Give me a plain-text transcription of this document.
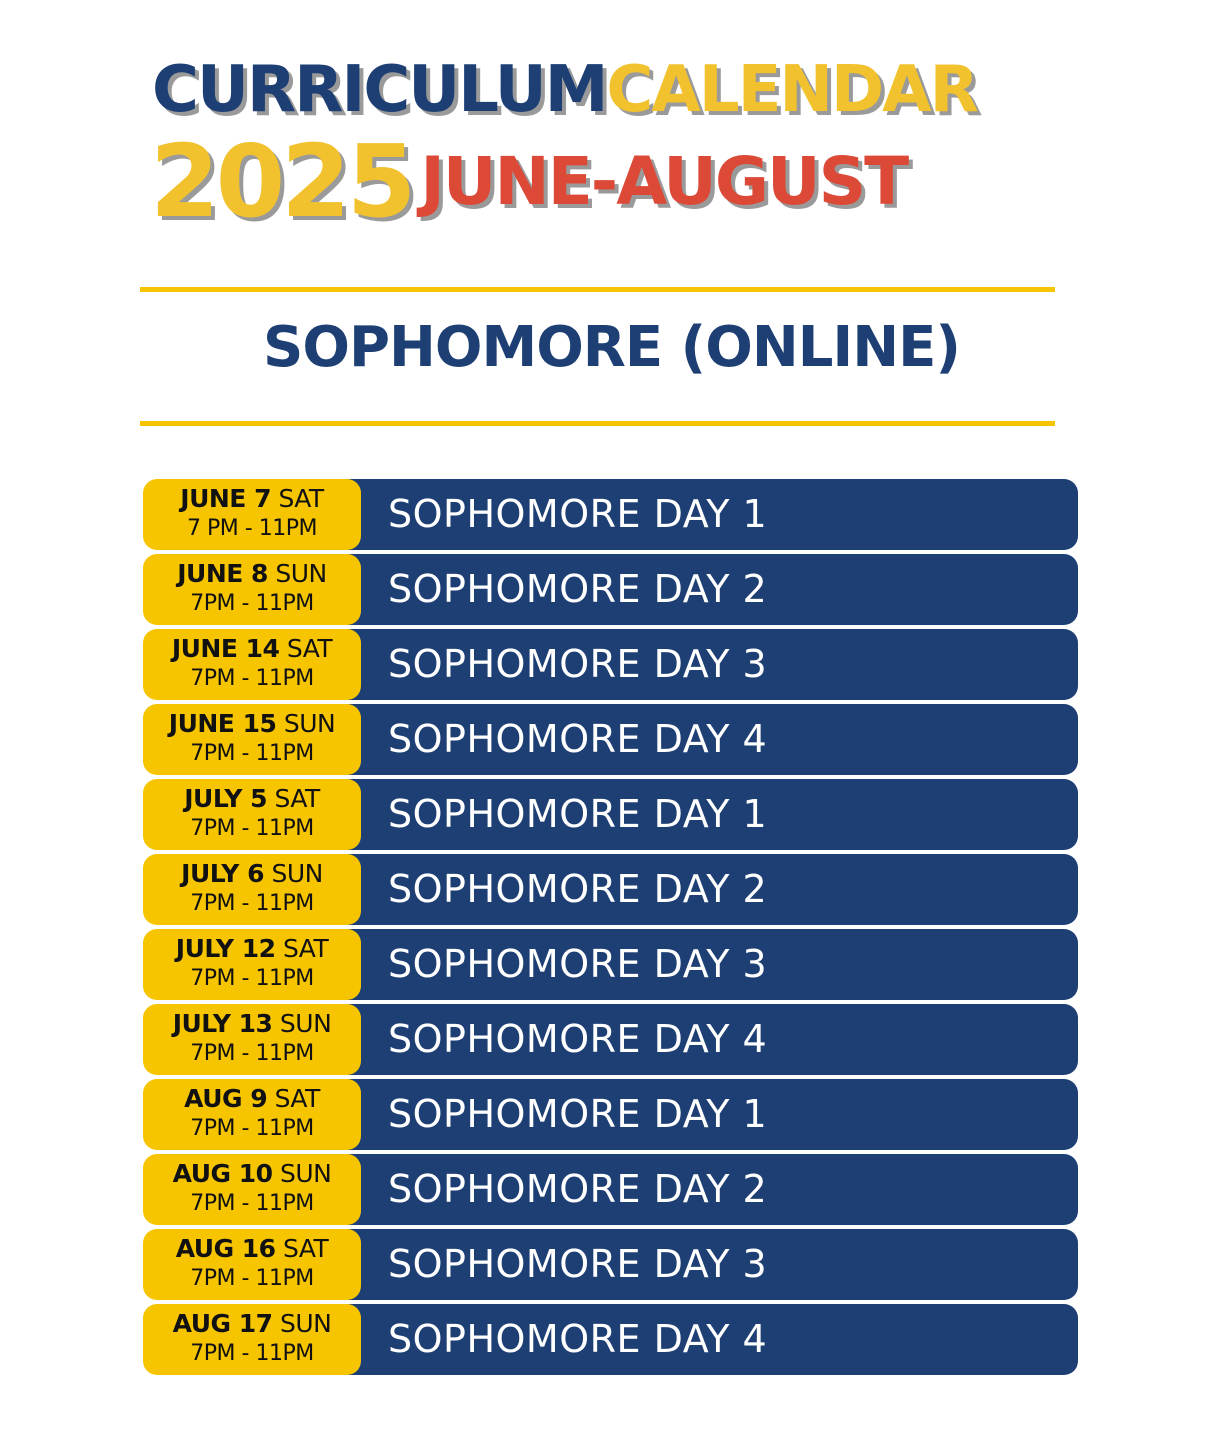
CURRICULUMCALENDAR
2025 JUNE-AUGUST
SOPHOMORE (ONLINE)
SOPHOMORE DAY 1
JUNE 7 SAT
7 PM - 11PM
SOPHOMORE DAY 2
JUNE 8 SUN
7PM - 11PM
SOPHOMORE DAY 3
JUNE 14 SAT
7PM - 11PM
SOPHOMORE DAY 4
JUNE 15 SUN
7PM - 11PM
SOPHOMORE DAY 1
JULY 5 SAT
7PM - 11PM
SOPHOMORE DAY 2
JULY 6 SUN
7PM - 11PM
SOPHOMORE DAY 3
JULY 12 SAT
7PM - 11PM
SOPHOMORE DAY 4
JULY 13 SUN
7PM - 11PM
SOPHOMORE DAY 1
AUG 9 SAT
7PM - 11PM
SOPHOMORE DAY 2
AUG 10 SUN
7PM - 11PM
SOPHOMORE DAY 3
AUG 16 SAT
7PM - 11PM
SOPHOMORE DAY 4
AUG 17 SUN
7PM - 11PM
